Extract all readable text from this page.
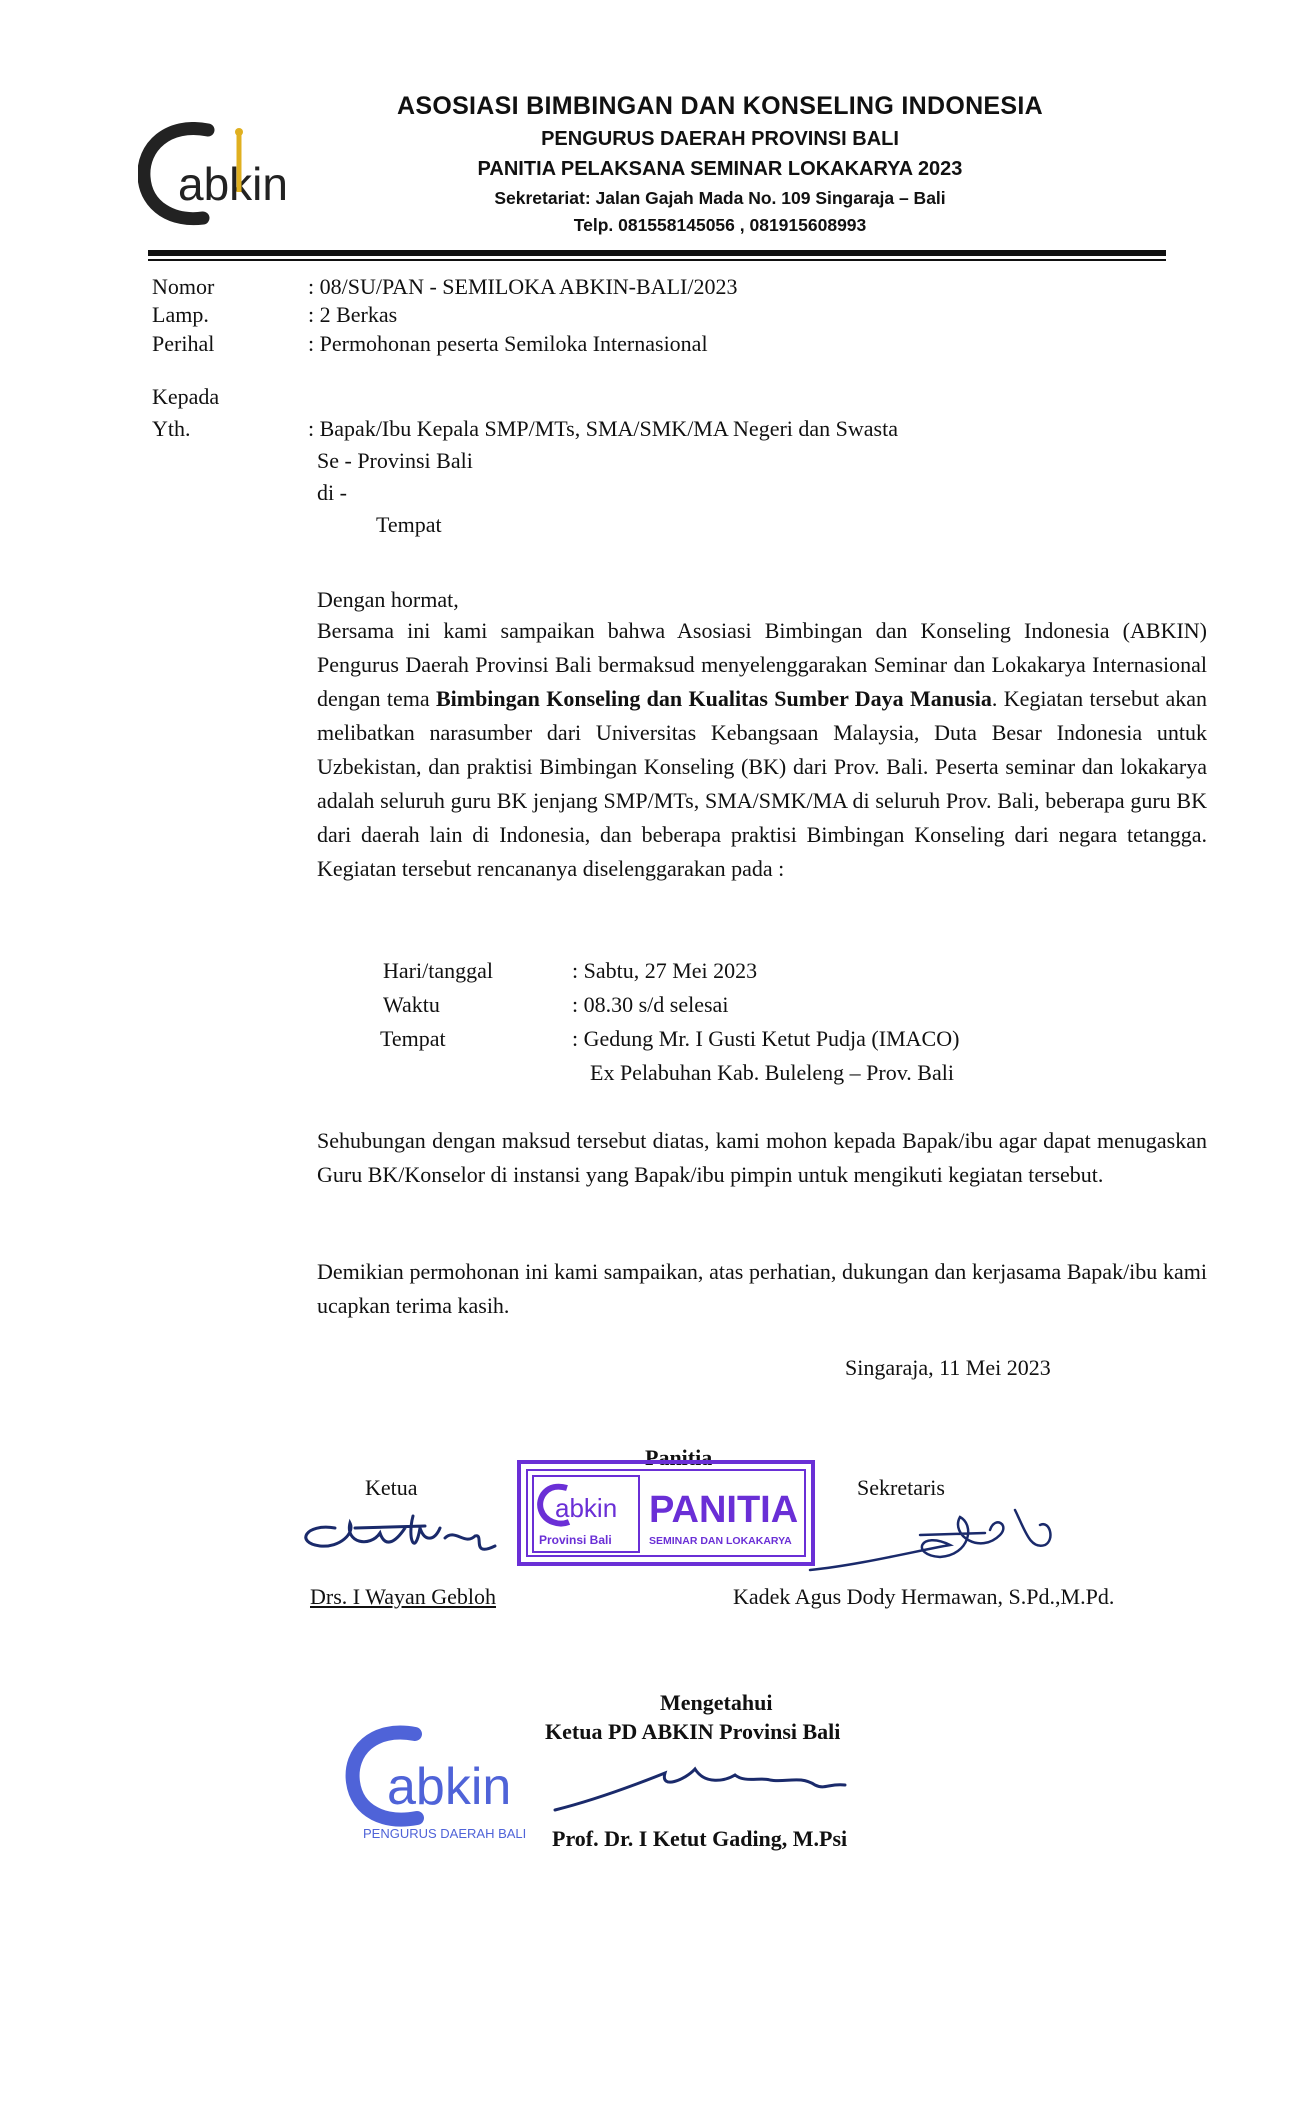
abkin
ASOSIASI BIMBINGAN DAN KONSELING INDONESIA
PENGURUS DAERAH PROVINSI BALI
PANITIA PELAKSANA SEMINAR LOKAKARYA 2023
Sekretariat: Jalan Gajah Mada No. 109 Singaraja – Bali
Telp. 081558145056 , 081915608993
Nomor	: 08/SU/PAN - SEMILOKA ABKIN-BALI/2023
Lamp.	: 2 Berkas
Perihal	: Permohonan peserta Semiloka Internasional
Kepada
Yth.	: Bapak/Ibu Kepala SMP/MTs, SMA/SMK/MA Negeri dan Swasta
Se - Provinsi Bali
di -
Tempat
Dengan hormat,
Bersama ini kami sampaikan bahwa Asosiasi Bimbingan dan Konseling Indonesia (ABKIN) Pengurus Daerah Provinsi Bali bermaksud menyelenggarakan Seminar dan Lokakarya Internasional dengan tema Bimbingan Konseling dan Kualitas Sumber Daya Manusia. Kegiatan tersebut akan melibatkan narasumber dari Universitas Kebangsaan Malaysia, Duta Besar Indonesia untuk Uzbekistan, dan praktisi Bimbingan Konseling (BK) dari Prov. Bali. Peserta seminar dan lokakarya adalah seluruh guru BK jenjang SMP/MTs, SMA/SMK/MA di seluruh Prov. Bali, beberapa guru BK dari daerah lain di Indonesia, dan beberapa praktisi Bimbingan Konseling dari negara tetangga. Kegiatan tersebut rencananya diselenggarakan pada :
Hari/tanggal	: Sabtu, 27 Mei 2023
Waktu	: 08.30 s/d selesai
Tempat	: Gedung Mr. I Gusti Ketut Pudja (IMACO)
Ex Pelabuhan Kab. Buleleng – Prov. Bali
Sehubungan dengan maksud tersebut diatas, kami mohon kepada Bapak/ibu agar dapat menugaskan Guru BK/Konselor di instansi yang Bapak/ibu pimpin untuk mengikuti kegiatan tersebut.
Demikian permohonan ini kami sampaikan, atas perhatian, dukungan dan kerjasama Bapak/ibu kami ucapkan terima kasih.
Singaraja, 11 Mei 2023
Panitia
Ketua	Sekretaris
abkin
Provinsi Bali
PANITIA
SEMINAR DAN LOKAKARYA
Drs. I Wayan Gebloh	Kadek Agus Dody Hermawan, S.Pd.,M.Pd.
Mengetahui
Ketua PD ABKIN Provinsi Bali
abkin
PENGURUS DAERAH BALI Prof. Dr. I Ketut Gading, M.Psi
